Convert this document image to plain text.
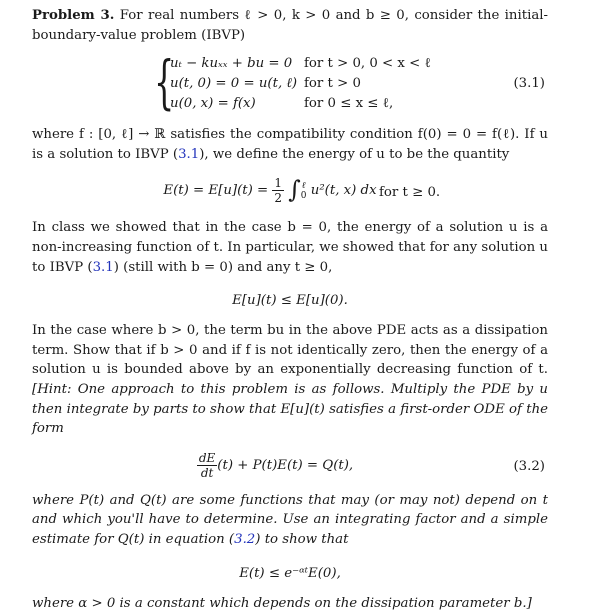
Problem 3. For real numbers ℓ > 0, k > 0 and b ≥ 0, consider the initial-boundary-value problem (IBVP)

{
uₜ − kuₓₓ + bu = 0 for t > 0, 0 < x < ℓ
u(t, 0) = 0 = u(t, ℓ) for t > 0
u(0, x) = f(x)	for 0 ≤ x ≤ ℓ,
(3.1)

where f : [0, ℓ] → ℝ satisfies the compatibility condition f(0) = 0 = f(ℓ). If u is a solution to IBVP (3.1), we define the energy of u to be the quantity

$E(t) = E[u](t) = \frac{1}{2}$ ∫ ℓ
0 u²(t, x) dx for t ≥ 0.

In class we showed that in the case b = 0, the energy of a solution u is a non-increasing function of t. In particular, we showed that for any solution u to IBVP (3.1) (still with b = 0) and any t ≥ 0,

E[u](t) ≤ E[u](0).

In the case where b > 0, the term bu in the above PDE acts as a dissipation term. Show that if b > 0 and if f is not identically zero, then the energy of a solution u is bounded above by an exponentially decreasing function of t. [Hint: One approach to this problem is as follows. Multiply the PDE by u then integrate by parts to show that E[u](t) satisfies a first-order ODE of the form

$\frac{dE}{dt} (t) + P(t)E(t) = Q(t)$,	(3.2)

where P(t) and Q(t) are some functions that may (or may not) depend on t and which you'll have to determine. Use an integrating factor and a simple estimate for Q(t) in equation (3.2) to show that

E(t) ≤ e⁻ᵅᵗE(0),

where α > 0 is a constant which depends on the dissipation parameter b.]
